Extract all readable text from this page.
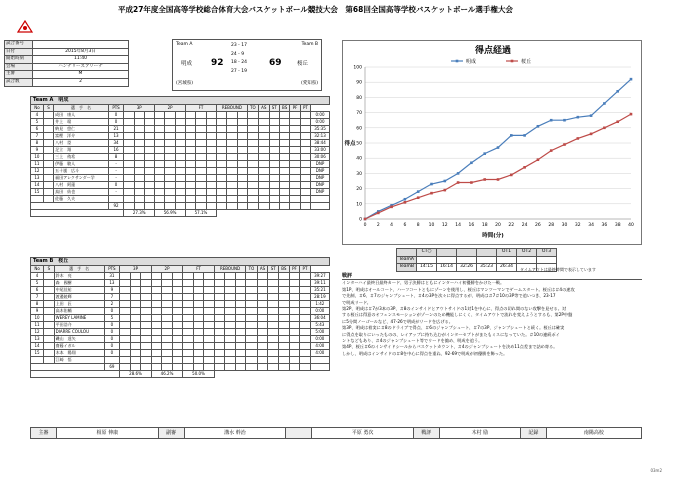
平成27年度全国高等学校総合体育大会バスケットボール競技大会　第68回全国高等学校バスケットボール選手権大会
試合番号	
日付	2015年8月3日
開始時刻	11:40
会場	ハンナリーズアリーナ
主審	M
試合数	2
Team A	Team B
明成 92
23 - 17
24 - 9
18 - 24
27 - 19
69	桜丘
(宮城県)	(愛知県)
Team A　明成																						
No	S	選　手　名	PTS	3P			2P			FT			REBOUND			TO	AS	ST	BS	PF	PT	
4		成田　康人	0																			0:00
5		井上　瑠	0																			0:00
6		納見　悠仁	21																			35:35
7		富樫　洋介	13																			32:13
8		八村　塁	34																			38:44
9		足立　翔	16																			33:00
10		三上　侑希	8																			30:06
11		伊藤　駿人	-																			DNP
12		五十嵐　広斗	-																			DNP
13		福田アレクサンダー学	-																			DNP
14		八村　阿蓮	0																			DNP
15		鳥田　紡也	-																			DNP
		佐藤　久夫																				
			92																			
				27.3%			56.9%			57.1%												
Team B　桜丘																						
No	S	選　手　名	PTS	3P			2P			FT			REBOUND			TO	AS	ST	BS	PF	PT	
4		鈴木　亮	31																			39:27
5		森　國樹	13																			39:11
6		中尾佳祐	9																			35:21
7		渡邉陵輝	7																			28:19
8		上田　匠	2																			1:42
9		高木佑輔	0																			0:00
10		WEREY LAMINE	5																			36:04
11		平田浩介	0																			5:43
12		DIARRE COULOU	0																			5:00
13		磯山　達矢	0																			0:00
14		齋藤イガル	0																			4:00
15		木本　陽翔	0																			4:00
		江崎　悟																				
			69																			
				28.6%			46.2%			50.0%												
得点経過
0
10
20
30
40
50
60
70
80
90
100
0 2 4 6 8 10 12 14 16 18 20 22 24 26 28 30 32 34 36 38 40
時間(分)
得点
明成	桜丘
	CT○				OT1	OT2	OT3
TeamA							
TeamB	14:15	16:14	32:26	35:23	26:34		
タイムアウトは最終時間で表示しています
戦評
インターハイ最終日最終カード、男子決勝はともにインターハイ初優勝をかけた一戦。
第1P、明成はオールコート、ハーフコートともにゾーンを使用し、桜丘はマンツーマンでゲームスタート。桜丘は＃4の速攻
で先制、＃6、＃7のジャンプシュート、＃4の3Pを次々に得点するが、明成は＃7＃10の3P等で追いつき、23-17
で明成リード。
第2P、明成は＃7が3本の3P、＃8のインサイドとアウトサイドの1対1を中心に、得点の切れ間のない攻撃を見せる。対
する桜丘は得意のオフェンスモーションがゾーンのため機能しにくく、タイムアウトで流れを変えようとするも、第2P中盤
に5分間ノーゴールなど、47-26で明成がリードを広げる。
第3P、明成は着実に＃8のドライブで得点、＃6のジャンプシュート、＃7の3P、ジャンプシュートと続く。桜丘は確実
に得点を取りにいったものの、レイアップに持ち込むがインターセプトがまたもミスになっていた。＃10の連続ポイ
ントなどもあり、＃4のジャンプシュート等でリードを縮め、明成を追う。
第4P、桜丘＃6のインサイドシールからバスケットカウント、＃4のジャンプシュートを決め11点差まで詰め寄る。
しかし、明成はインサイドの＃8を中心に得点を重ね、92-69で明成が初優勝を飾った。
主審	相原 伸康	副審	溝水 幹治		平原 勇次	戦評	木村 励	記録	南陽高校
03m2
